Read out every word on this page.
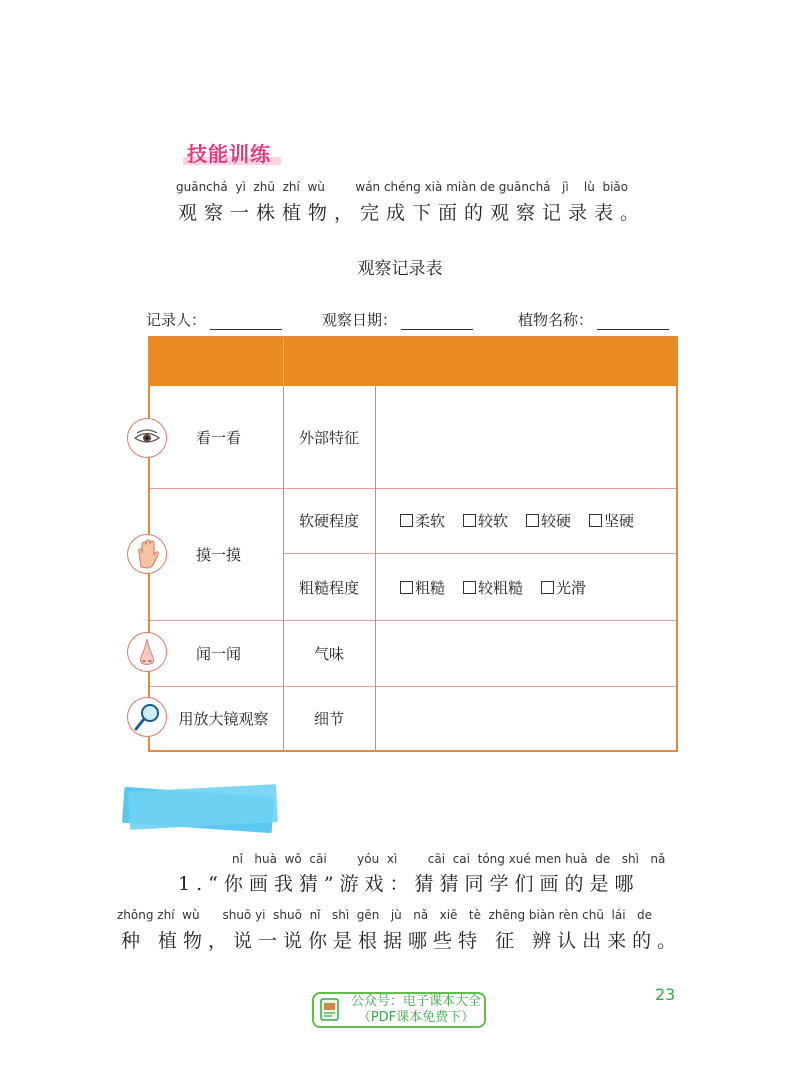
技能训练
guānchá  yì  zhū  zhí  wù        wán chéng xià miàn de guānchá   jì    lù  biǎo
观察一株植物，完成下面的观察记录表。
观察记录表
记录人：	观察日期：	植物名称：
看一看	外部特征
摸一摸
软硬程度	柔软	较软	较硬	坚硬
粗糙程度	粗糙	较粗糙	光滑
闻一闻	气味
用放大镜观察	细节
nǐ   huà  wǒ  cāi        yóu  xì        cāi  cai  tóng xué men huà  de   shì   nǎ
1.“你画我猜”游戏：猜猜同学们画的是哪
zhǒng zhí  wù      shuō yi  shuō  nǐ   shì  gēn   jù   nǎ   xiē   tè  zhēng biàn rèn chū  lái   de
种 植物，说一说你是根据哪些特 征 辨认出来的。
23
公众号：电子课本大全
（PDF课本免费下）
